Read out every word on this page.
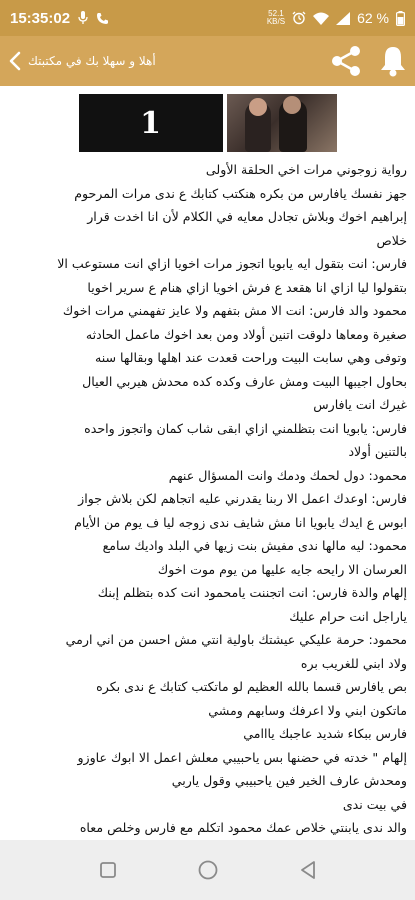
15:35:02	52.1
KB/S	62 %
أهلا و سهلا بك في مكتبتك
1

رواية زوجوني مرات اخي الحلقة الأولى

جهز نفسك يافارس من بكره هنكتب كتابك ع ندى مرات المرحوم

إبراهيم اخوك وبلاش تجادل معايه في الكلام لأن انا اخدت قرار

خلاص

فارس: انت بتقول ايه يابويا اتجوز مرات اخويا ازاي انت مستوعب الا

بتقولوا ليا ازاي انا هقعد ع فرش اخويا ازاي هنام ع سرير اخويا

محمود والد فارس: انت الا مش بتفهم ولا عايز تفهمني مرات اخوك

صغيرة ومعاها دلوقت اتنين أولاد ومن بعد اخوك ماعمل الحادثه

وتوفى وهي سابت البيت وراحت قعدت عند اهلها وبقالها سنه

بحاول اجيبها البيت ومش عارف وكده كده محدش هيربي العيال

غيرك انت يافارس

فارس: يابويا انت بتظلمني ازاي ابقى شاب كمان واتجوز واحده

بالتنين أولاد

محمود: دول لحمك ودمك وانت المسؤال عنهم

فارس: اوعدك اعمل الا ربنا يقدرني عليه اتجاهم لكن بلاش جواز

ابوس ع ايدك يابويا انا مش شايف ندى زوجه ليا ف يوم من الأيام

محمود: ليه مالها ندى مفيش بنت زيها في البلد واديك سامع

العرسان الا رايحه جايه عليها من يوم موت اخوك

إلهام والدة فارس: انت اتجننت يامحمود انت كده بتظلم إبنك

ياراجل انت حرام عليك

محمود: حرمة عليكي عيشتك باولية انتي مش احسن من اني ارمي

ولاد ابني للغريب بره

بص يافارس قسما بالله العظيم لو ماتكتب كتابك ع ندى بكره

ماتكون ابني ولا اعرفك وسابهم ومشي

فارس ببكاء شديد عاجبك يااامي

إلهام " خدته في حضنها بس ياحبيبي معلش اعمل الا ابوك عاوزو

ومحدش عارف الخير فين ياحبيبي وقول ياربي

في بيت ندى

والد ندى يابنتي خلاص عمك محمود اتكلم مع فارس وخلص معاه
